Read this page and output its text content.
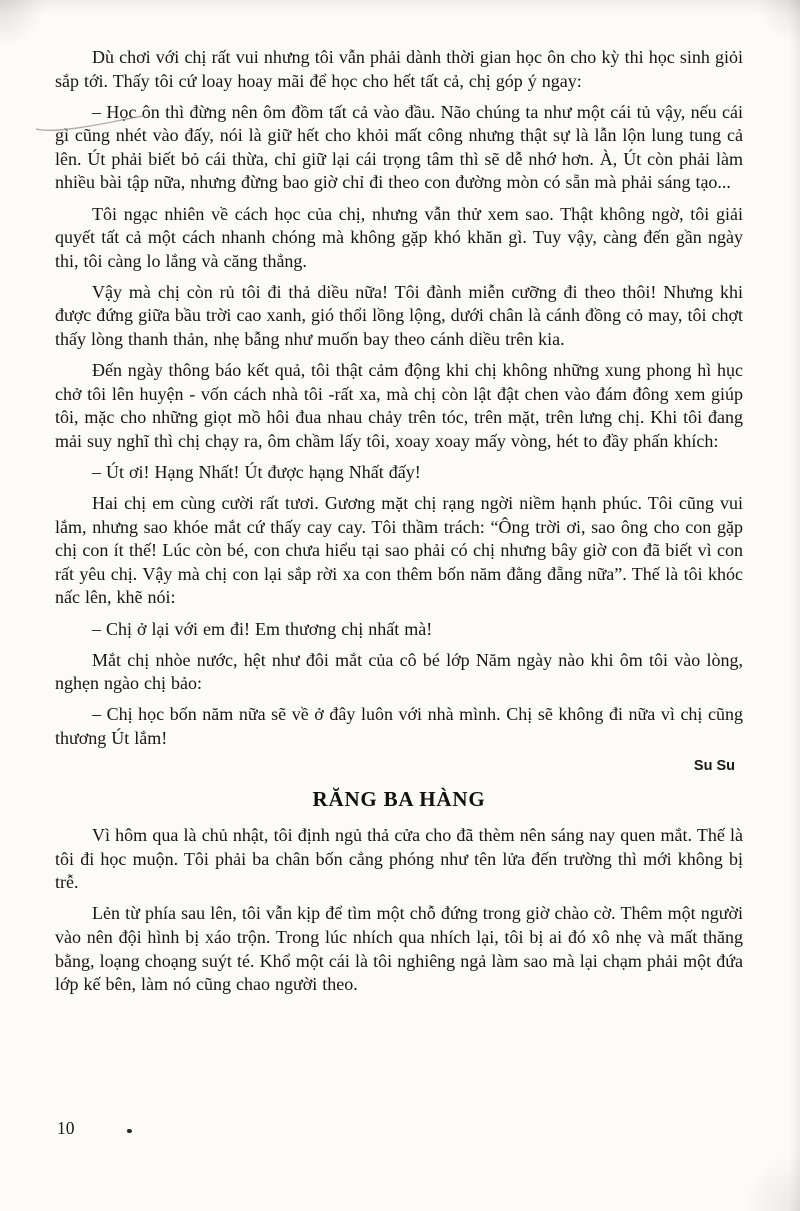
Dù chơi với chị rất vui nhưng tôi vẫn phải dành thời gian học ôn cho kỳ thi học sinh giỏi sắp tới. Thấy tôi cứ loay hoay mãi để học cho hết tất cả, chị góp ý ngay:

– Học ôn thì đừng nên ôm đồm tất cả vào đầu. Não chúng ta như một cái tủ vậy, nếu cái gì cũng nhét vào đấy, nói là giữ hết cho khỏi mất công nhưng thật sự là lẫn lộn lung tung cả lên. Út phải biết bỏ cái thừa, chỉ giữ lại cái trọng tâm thì sẽ dễ nhớ hơn. À, Út còn phải làm nhiều bài tập nữa, nhưng đừng bao giờ chỉ đi theo con đường mòn có sẵn mà phải sáng tạo...

Tôi ngạc nhiên về cách học của chị, nhưng vẫn thử xem sao. Thật không ngờ, tôi giải quyết tất cả một cách nhanh chóng mà không gặp khó khăn gì. Tuy vậy, càng đến gần ngày thi, tôi càng lo lắng và căng thẳng.

Vậy mà chị còn rủ tôi đi thả diều nữa! Tôi đành miễn cưỡng đi theo thôi! Nhưng khi được đứng giữa bầu trời cao xanh, gió thổi lồng lộng, dưới chân là cánh đồng cỏ may, tôi chợt thấy lòng thanh thản, nhẹ bẫng như muốn bay theo cánh diều trên kia.

Đến ngày thông báo kết quả, tôi thật cảm động khi chị không những xung phong hì hục chở tôi lên huyện - vốn cách nhà tôi -rất xa, mà chị còn lật đật chen vào đám đông xem giúp tôi, mặc cho những giọt mồ hôi đua nhau chảy trên tóc, trên mặt, trên lưng chị. Khi tôi đang mải suy nghĩ thì chị chạy ra, ôm chầm lấy tôi, xoay xoay mấy vòng, hét to đầy phấn khích:

– Út ơi! Hạng Nhất! Út được hạng Nhất đấy!

Hai chị em cùng cười rất tươi. Gương mặt chị rạng ngời niềm hạnh phúc. Tôi cũng vui lắm, nhưng sao khóe mắt cứ thấy cay cay. Tôi thầm trách: “Ông trời ơi, sao ông cho con gặp chị con ít thế! Lúc còn bé, con chưa hiểu tại sao phải có chị nhưng bây giờ con đã biết vì con rất yêu chị. Vậy mà chị con lại sắp rời xa con thêm bốn năm đằng đẵng nữa”. Thế là tôi khóc nấc lên, khẽ nói:

– Chị ở lại với em đi! Em thương chị nhất mà!

Mắt chị nhòe nước, hệt như đôi mắt của cô bé lớp Năm ngày nào khi ôm tôi vào lòng, nghẹn ngào chị bảo:

– Chị học bốn năm nữa sẽ về ở đây luôn với nhà mình. Chị sẽ không đi nữa vì chị cũng thương Út lắm!

Su Su
RĂNG BA HÀNG

Vì hôm qua là chủ nhật, tôi định ngủ thả cửa cho đã thèm nên sáng nay quen mắt. Thế là tôi đi học muộn. Tôi phải ba chân bốn cẳng phóng như tên lửa đến trường thì mới không bị trễ.

Lẻn từ phía sau lên, tôi vẫn kịp để tìm một chỗ đứng trong giờ chào cờ. Thêm một người vào nên đội hình bị xáo trộn. Trong lúc nhích qua nhích lại, tôi bị ai đó xô nhẹ và mất thăng bằng, loạng choạng suýt té. Khổ một cái là tôi nghiêng ngả làm sao mà lại chạm phải một đứa lớp kế bên, làm nó cũng chao người theo.

10
